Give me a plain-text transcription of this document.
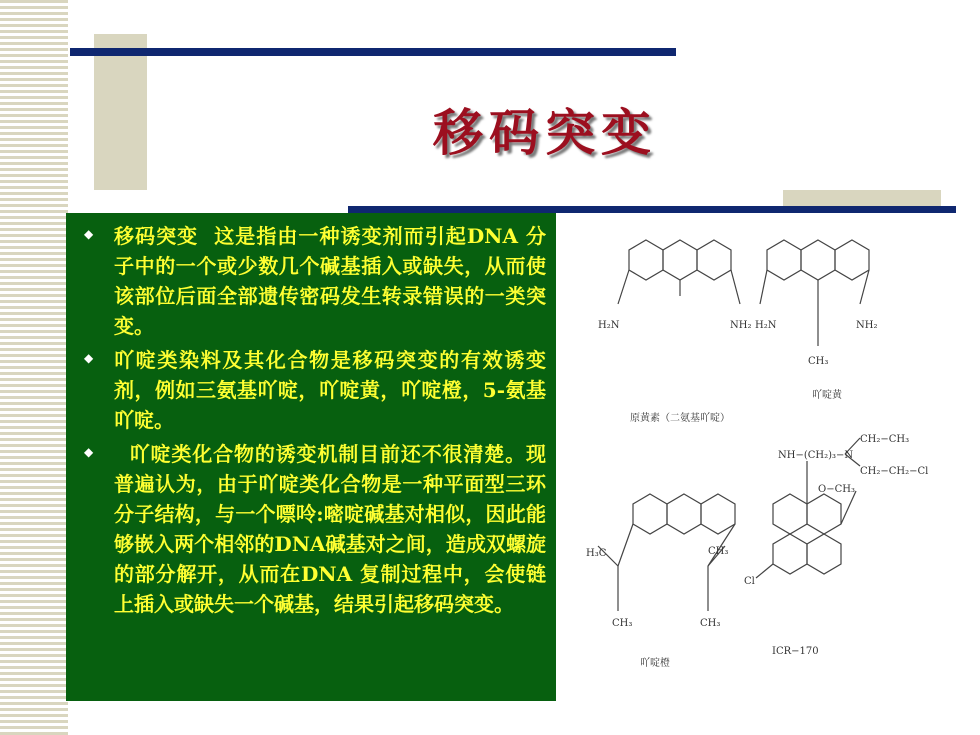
移码突变
◆ 移码突变  这是指由一种诱变剂而引起DNA 分子中的一个或少数几个碱基插入或缺失，从而使该部位后面全部遗传密码发生转录错误的一类突变。
◆ 吖啶类染料及其化合物是移码突变的有效诱变剂，例如三氨基吖啶，吖啶黄，吖啶橙，5-氨基吖啶。
◆ 吖啶类化合物的诱变机制目前还不很清楚。现普遍认为，由于吖啶类化合物是一种平面型三环分子结构，与一个嘌呤:嘧啶碱基对相似，因此能够嵌入两个相邻的DNA碱基对之间，造成双螺旋的部分解开，从而在DNA 复制过程中，会使链上插入或缺失一个碱基，结果引起移码突变。
H₂N	NH₂ H₂N	NH₂
CH₃
原黄素（二氨基吖啶）
吖啶黄
NH−(CH₂)₃−N
CH₂−CH₃
CH₂−CH₂−Cl
O−CH₃
H₃C	CH₃
CH₃	CH₃
Cl
吖啶橙
ICR−170
